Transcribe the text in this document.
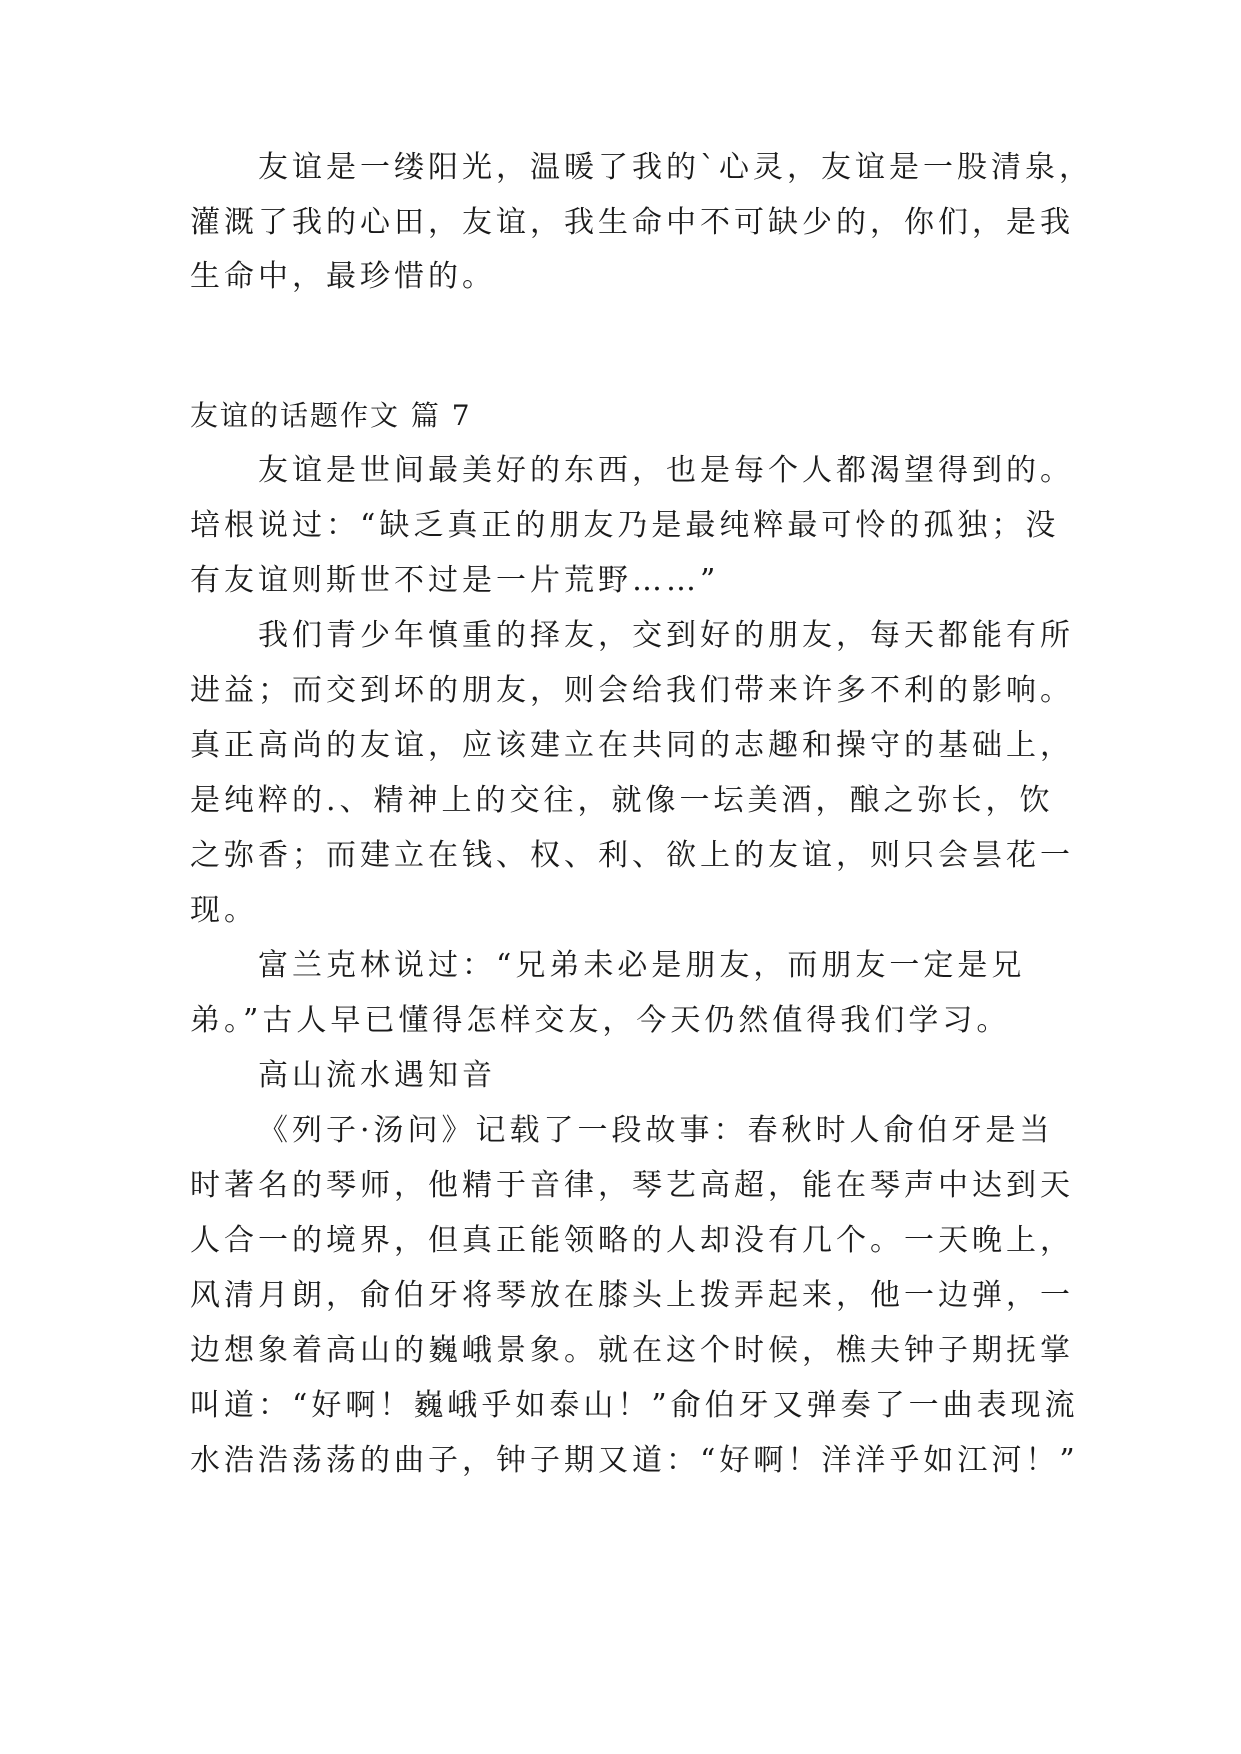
友谊是一缕阳光，温暖了我的`心灵，友谊是一股清泉，
灌溉了我的心田，友谊，我生命中不可缺少的，你们，是我
生命中，最珍惜的。
友谊的话题作文 篇 7
友谊是世间最美好的东西，也是每个人都渴望得到的。
培根说过：“缺乏真正的朋友乃是最纯粹最可怜的孤独；没
有友谊则斯世不过是一片荒野……”
我们青少年慎重的择友，交到好的朋友，每天都能有所
进益；而交到坏的朋友，则会给我们带来许多不利的影响。
真正高尚的友谊，应该建立在共同的志趣和操守的基础上，
是纯粹的.、精神上的交往，就像一坛美酒，酿之弥长，饮
之弥香；而建立在钱、权、利、欲上的友谊，则只会昙花一
现。
富兰克林说过：“兄弟未必是朋友，而朋友一定是兄
弟。”古人早已懂得怎样交友，今天仍然值得我们学习。
高山流水遇知音
《列子·汤问》记载了一段故事：春秋时人俞伯牙是当
时著名的琴师，他精于音律，琴艺高超，能在琴声中达到天
人合一的境界，但真正能领略的人却没有几个。一天晚上，
风清月朗，俞伯牙将琴放在膝头上拨弄起来，他一边弹，一
边想象着高山的巍峨景象。就在这个时候，樵夫钟子期抚掌
叫道：“好啊！巍峨乎如泰山！”俞伯牙又弹奏了一曲表现流
水浩浩荡荡的曲子，钟子期又道：“好啊！洋洋乎如江河！”
